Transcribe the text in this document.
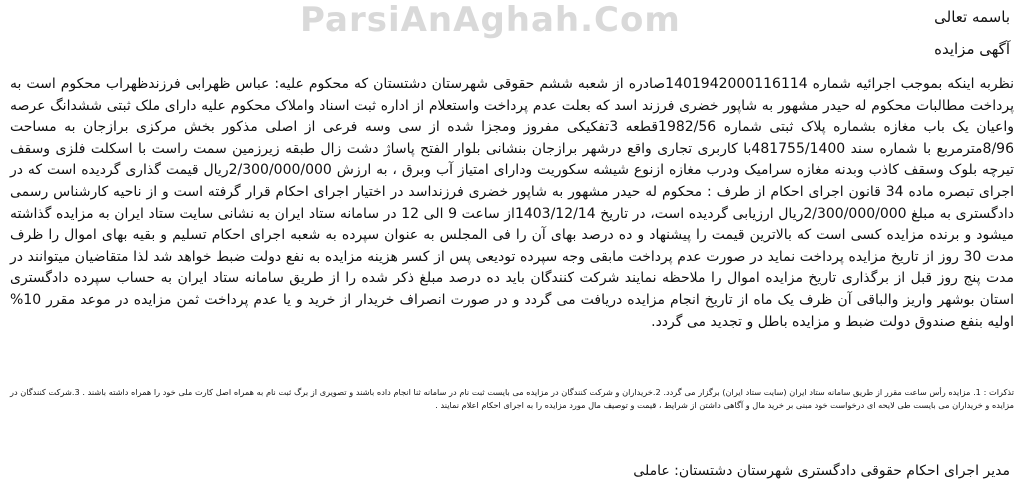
ParsiAnAghah.Com	باسمه تعالی
آگهی مزایده
نظربه اینکه بموجب اجرائیه شماره 140194200011611‌4صادره از شعبه ششم حقوقی شهرستان دشتستان که محکوم علیه: عباس ظهرابی فرزندظهراب محکوم است به پرداخت مطالبات محکوم له حیدر مشهور به شاپور خضری فرزند اسد که بعلت عدم پرداخت واستعلام از اداره ثبت اسناد واملاک محکوم علیه دارای ملک ثبتی ششدانگ عرصه واعیان یک باب مغازه بشماره پلاک ثبتی شماره 1982/56قطعه 3تفکیکی مفروز ومجزا شده از سی وسه فرعی از اصلی مذکور بخش مرکزی برازجان به مساحت 8/96مترمربع با شماره سند 481755/1400با کاربری تجاری واقع درشهر برازجان بنشانی بلوار الفتح پاساژ دشت زال طبقه زیرزمین سمت راست با اسکلت فلزی وسقف تیرچه بلوک وسقف کاذب وبدنه مغازه سرامیک ودرب مغازه ازنوع شیشه سکوریت ودارای امتیاز آب وبرق ، به ارزش 2/300/000/000ریال قیمت گذاری گردیده است که در اجرای تبصره ماده 34 قانون اجرای احکام از طرف : محکوم له حیدر مشهور به شاپور خضری فرزنداسد در اختیار اجرای احکام قرار گرفته است و از ناحیه کارشناس رسمی دادگستری به مبلغ 2/300/000/000ریال ارزیابی گردیده است، در تاریخ 1403/12/14از ساعت 9 الی 12 در سامانه ستاد ایران به نشانی سایت ستاد ایران به مزایده گذاشته میشود و برنده مزایده کسی است که بالاترین قیمت را پیشنهاد و ده درصد بهای آن را فی المجلس به عنوان سپرده به شعبه اجرای احکام تسلیم و بقیه بهای اموال را ظرف مدت 30 روز از تاریخ مزایده پرداخت نماید در صورت عدم پرداخت مابقی وجه سپرده تودیعی پس از کسر هزینه مزایده به نفع دولت ضبط خواهد شد لذا متقاضیان میتوانند در مدت پنج روز قبل از برگذاری تاریخ مزایده اموال را ملاحظه نمایند شرکت کنندگان باید ده درصد مبلغ ذکر شده را از طریق سامانه ستاد ایران به حساب سپرده دادگستری استان بوشهر واریز والباقی آن ظرف یک ماه از تاریخ انجام مزایده دریافت می گردد و در صورت انصراف خریدار از خرید و یا عدم پرداخت ثمن مزایده در موعد مقرر 10% اولیه بنفع صندوق دولت ضبط و مزایده باطل و تجدید می گردد.
تذکرات : 1. مزایده رأس ساعت مقرر از طریق سامانه ستاد ایران (سایت ستاد ایران) برگزار می گردد. 2.خریداران و شرکت کنندگان در مزایده می بایست ثبت نام در سامانه ثنا انجام داده باشند و تصویری از برگ ثبت نام به همراه اصل کارت ملی خود را همراه داشته باشند . 3.شرکت کنندگان در مزایده و خریداران می بایست طی لایحه ای درخواست خود مبنی بر خرید مال و آگاهی داشتن از شرایط ، قیمت و توصیف مال مورد مزایده را به اجرای احکام اعلام نمایند .
مدیر اجرای احکام حقوقی دادگستری شهرستان دشتستان: عاملی
